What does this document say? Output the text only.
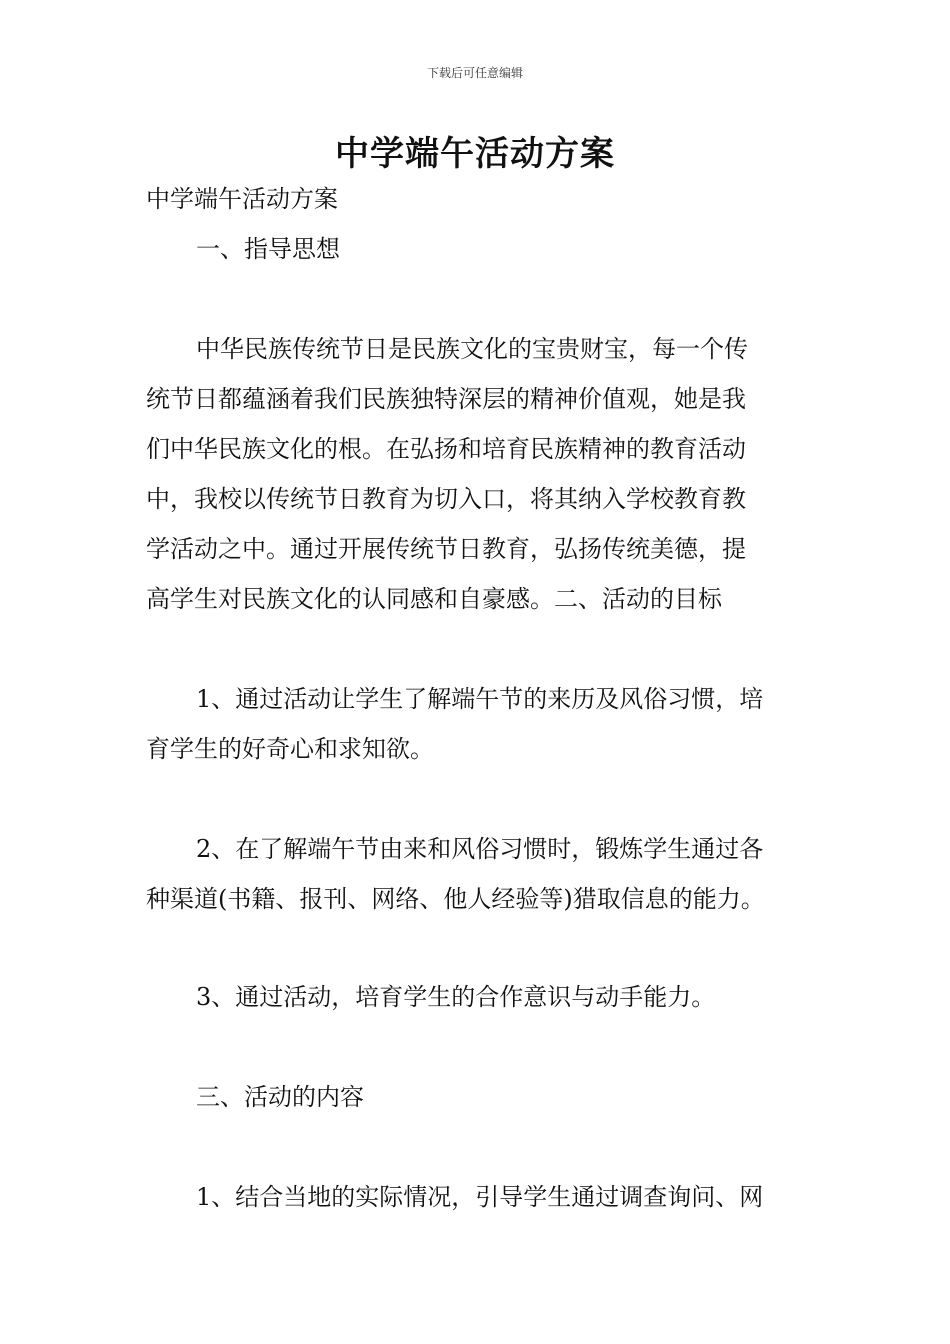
下载后可任意编辑
中学端午活动方案

中学端午活动方案

一、指导思想

中华民族传统节日是民族文化的宝贵财宝，每一个传

统节日都蕴涵着我们民族独特深层的精神价值观，她是我

们中华民族文化的根。在弘扬和培育民族精神的教育活动

中，我校以传统节日教育为切入口，将其纳入学校教育教

学活动之中。通过开展传统节日教育，弘扬传统美德，提

高学生对民族文化的认同感和自豪感。二、活动的目标

1、通过活动让学生了解端午节的来历及风俗习惯，培

育学生的好奇心和求知欲。

2、在了解端午节由来和风俗习惯时，锻炼学生通过各

种渠道(书籍、报刊、网络、他人经验等)猎取信息的能力。

3、通过活动，培育学生的合作意识与动手能力。

三、活动的内容

1、结合当地的实际情况，引导学生通过调查询问、网
